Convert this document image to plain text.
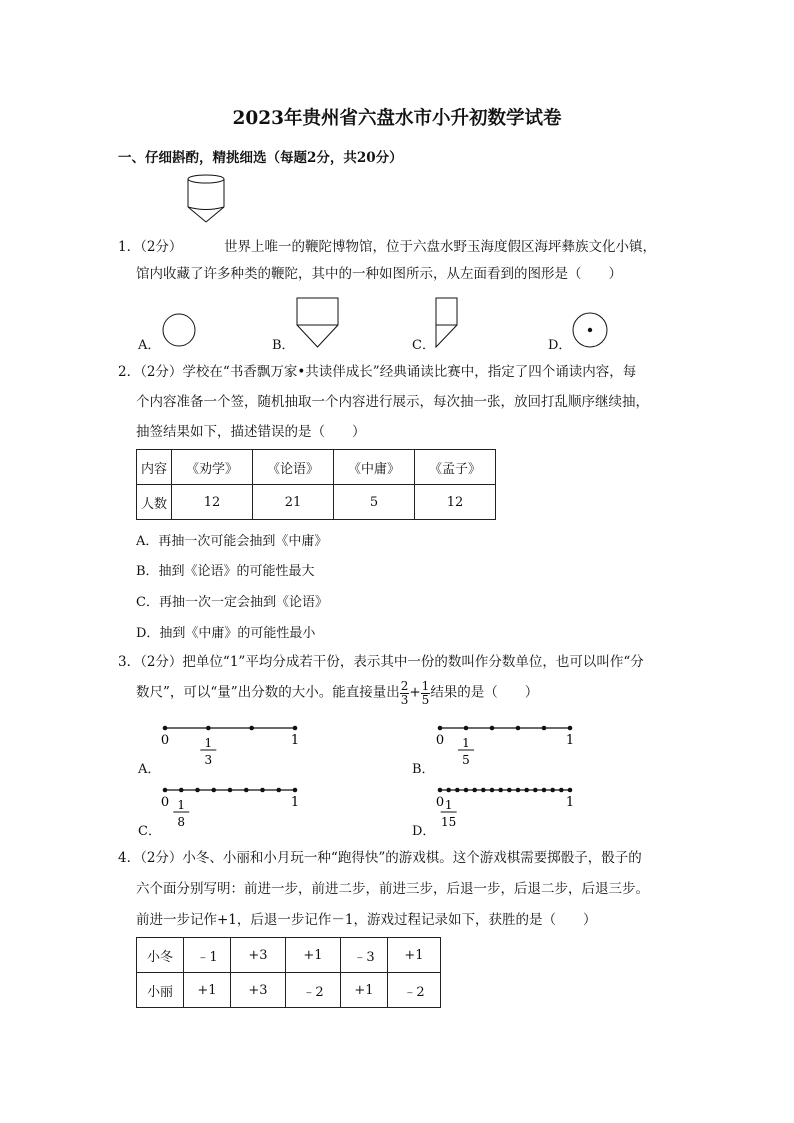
2023年贵州省六盘水市小升初数学试卷
一、仔细斟酌，精挑细选（每题2分，共20分）
1．（2分）	世界上唯一的鞭陀博物馆，位于六盘水野玉海度假区海坪彝族文化小镇，
馆内收藏了许多种类的鞭陀，其中的一种如图所示，从左面看到的图形是（　　）
A．	B．	C．	D．
2．（2分）学校在“书香飘万家•共读伴成长”经典诵读比赛中，指定了四个诵读内容，每
个内容准备一个签，随机抽取一个内容进行展示，每次抽一张，放回打乱顺序继续抽，
抽签结果如下，描述错误的是（　　）
内容	《劝学》	《论语》	《中庸》	《孟子》
人数	12	21	5	12
A．再抽一次可能会抽到《中庸》
B．抽到《论语》的可能性最大
C．再抽一次一定会抽到《论语》
D．抽到《中庸》的可能性最小
3．（2分）把单位“1”平均分成若干份，表示其中一份的数叫作分数单位，也可以叫作“分
数尺”，可以“量”出分数的大小。能直接量出 $\frac{2}{3} + \frac{1}{5}$ 结果的是（　　）
A．
0	1
1
3
B．
0	1
1
5
C．
0	1
1
8
D．
0	1
1
15
4．（2分）小冬、小丽和小月玩一种“跑得快”的游戏棋。这个游戏棋需要掷骰子，骰子的
六个面分别写明：前进一步，前进二步，前进三步，后退一步，后退二步，后退三步。
前进一步记作+1，后退一步记作－1，游戏过程记录如下，获胜的是（　　）
小冬	﹣1	+3	+1	﹣3	+1
小丽	+1	+3	﹣2	+1	﹣2
